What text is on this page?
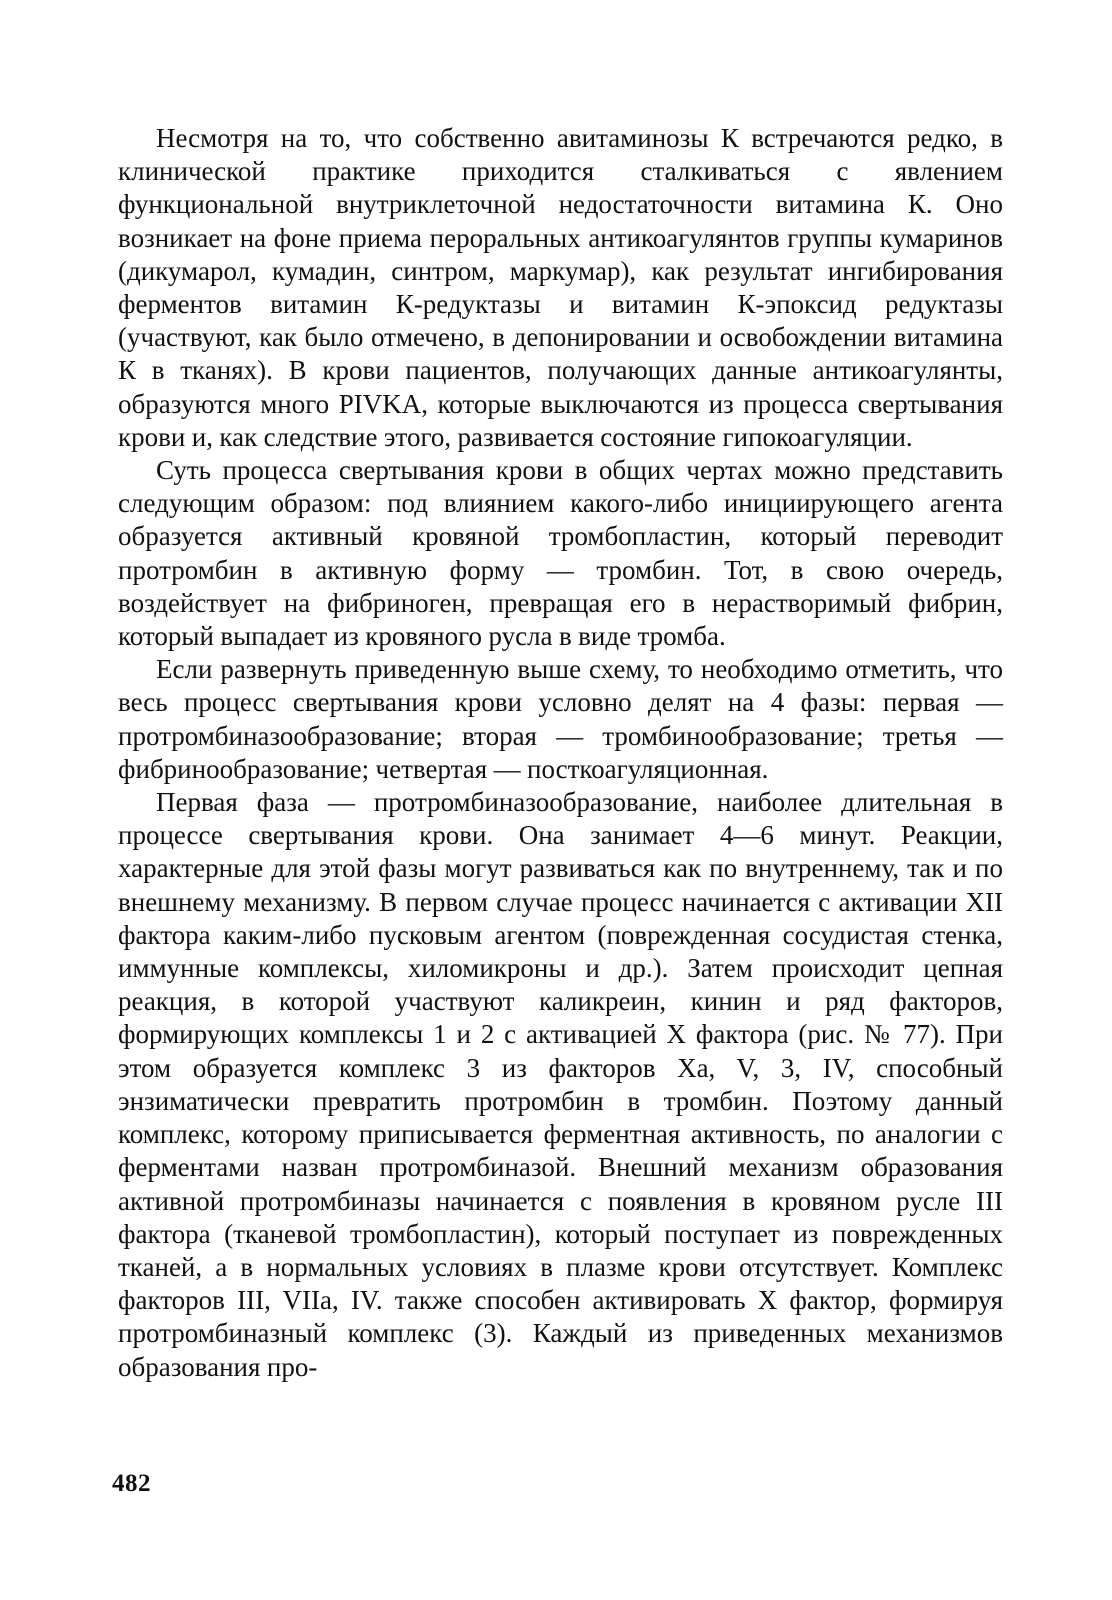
Несмотря на то, что собственно авитаминозы К встречаются редко, в клинической практике приходится сталкиваться с явлением функциональной внутриклеточной недостаточности витамина К. Оно возникает на фоне приема пероральных антикоагулянтов группы кумаринов (дикумарол, кумадин, синтром, маркумар), как результат ингибирования ферментов витамин К-редуктазы и витамин К-эпоксид редуктазы (участвуют, как было отмечено, в депонировании и освобождении витамина К в тканях). В крови пациентов, получающих данные антикоагулянты, образуются много PIVKA, которые выключаются из процесса свертывания крови и, как следствие этого, развивается состояние гипокоагуляции.

Суть процесса свертывания крови в общих чертах можно представить следующим образом: под влиянием какого-либо инициирующего агента образуется активный кровяной тромбопластин, который переводит протромбин в активную форму — тромбин. Тот, в свою очередь, воздействует на фибриноген, превращая его в нерастворимый фибрин, который выпадает из кровяного русла в виде тромба.

Если развернуть приведенную выше схему, то необходимо отметить, что весь процесс свертывания крови условно делят на 4 фазы: первая — протромбиназообразование; вторая — тромбинообразование; третья — фибринообразование; четвертая — посткоагуляционная.

Первая фаза — протромбиназообразование, наиболее длительная в процессе свертывания крови. Она занимает 4—6 минут. Реакции, характерные для этой фазы могут развиваться как по внутреннему, так и по внешнему механизму. В первом случае процесс начинается с активации XII фактора каким-либо пусковым агентом (поврежденная сосудистая стенка, иммунные комплексы, хиломикроны и др.). Затем происходит цепная реакция, в которой участвуют каликреин, кинин и ряд факторов, формирующих комплексы 1 и 2 с активацией X фактора (рис. № 77). При этом образуется комплекс 3 из факторов Xa, V, 3, IV, способный энзиматически превратить протромбин в тромбин. Поэтому данный комплекс, которому приписывается ферментная активность, по аналогии с ферментами назван протромбиназой. Внешний механизм образования активной протромбиназы начинается с появления в кровяном русле III фактора (тканевой тромбопластин), который поступает из поврежденных тканей, а в нормальных условиях в плазме крови отсутствует. Комплекс факторов III, VIIa, IV. также способен активировать X фактор, формируя протромбиназный комплекс (3). Каждый из приведенных механизмов образования про-

482
